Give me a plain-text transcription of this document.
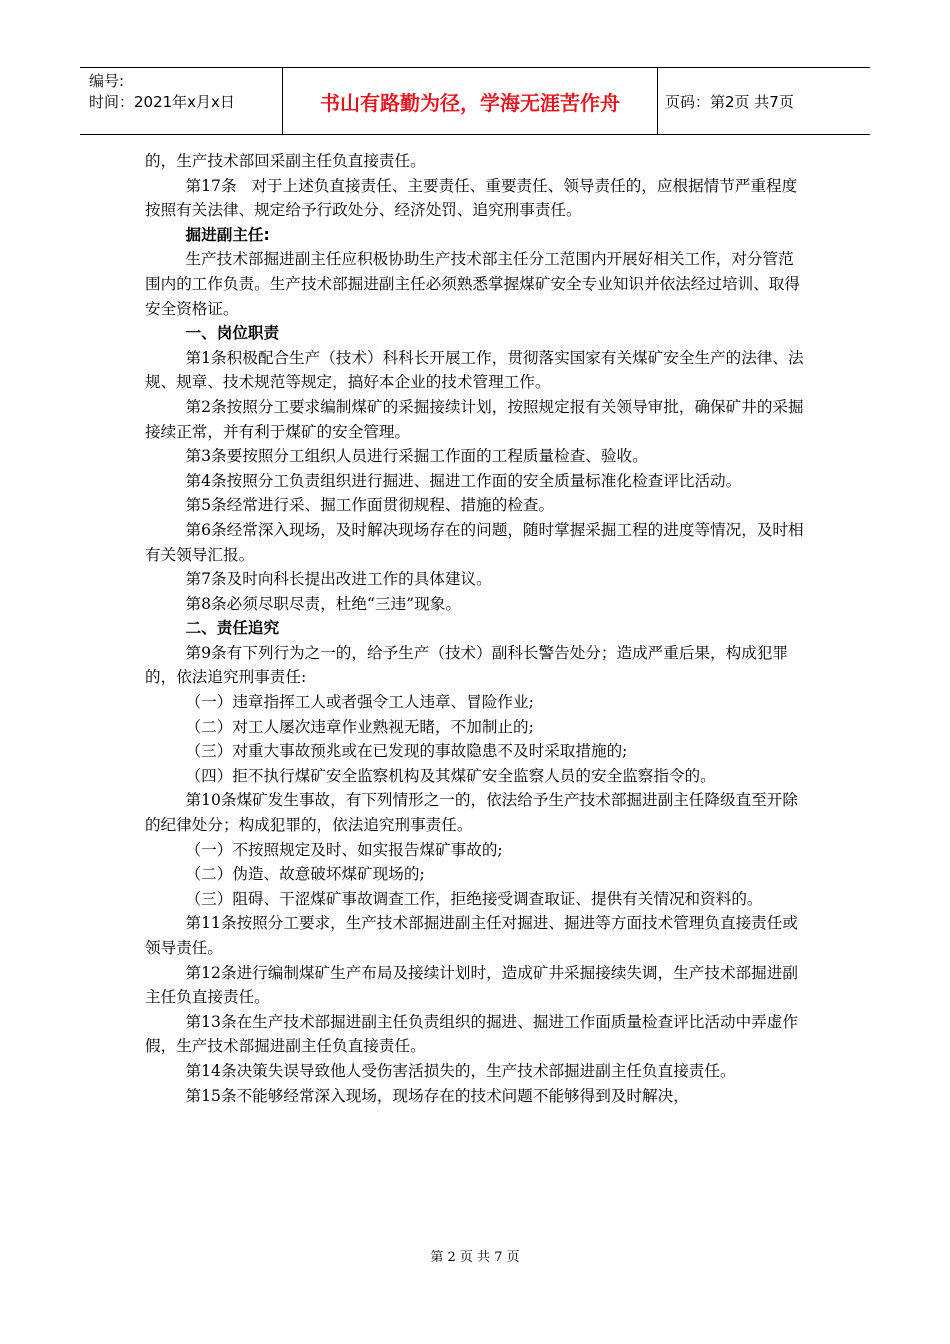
编号:
时间：2021年x月x日	书山有路勤为径，学海无涯苦作舟	页码：第2页 共7页

的，生产技术部回采副主任负直接责任。

第17条   对于上述负直接责任、主要责任、重要责任、领导责任的，应根据情节严重程度按照有关法律、规定给予行政处分、经济处罚、追究刑事责任。

掘进副主任:

生产技术部掘进副主任应积极协助生产技术部主任分工范围内开展好相关工作，对分管范围内的工作负责。生产技术部掘进副主任必须熟悉掌握煤矿安全专业知识并依法经过培训、取得安全资格证。

一、岗位职责

第1条积极配合生产（技术）科科长开展工作，贯彻落实国家有关煤矿安全生产的法律、法规、规章、技术规范等规定，搞好本企业的技术管理工作。

第2条按照分工要求编制煤矿的采掘接续计划，按照规定报有关领导审批，确保矿井的采掘接续正常，并有利于煤矿的安全管理。

第3条要按照分工组织人员进行采掘工作面的工程质量检查、验收。

第4条按照分工负责组织进行掘进、掘进工作面的安全质量标准化检查评比活动。

第5条经常进行采、掘工作面贯彻规程、措施的检查。

第6条经常深入现场，及时解决现场存在的问题，随时掌握采掘工程的进度等情况，及时相有关领导汇报。

第7条及时向科长提出改进工作的具体建议。

第8条必须尽职尽责，杜绝“三违”现象。

二、责任追究

第9条有下列行为之一的，给予生产（技术）副科长警告处分；造成严重后果，构成犯罪的，依法追究刑事责任:

（一）违章指挥工人或者强令工人违章、冒险作业;

（二）对工人屡次违章作业熟视无睹，不加制止的;

（三）对重大事故预兆或在已发现的事故隐患不及时采取措施的;

（四）拒不执行煤矿安全监察机构及其煤矿安全监察人员的安全监察指令的。

第10条煤矿发生事故，有下列情形之一的，依法给予生产技术部掘进副主任降级直至开除的纪律处分；构成犯罪的，依法追究刑事责任。

（一）不按照规定及时、如实报告煤矿事故的;

（二）伪造、故意破坏煤矿现场的;

（三）阻碍、干涩煤矿事故调查工作，拒绝接受调查取证、提供有关情况和资料的。

第11条按照分工要求，生产技术部掘进副主任对掘进、掘进等方面技术管理负直接责任或领导责任。

第12条进行编制煤矿生产布局及接续计划时，造成矿井采掘接续失调，生产技术部掘进副主任负直接责任。

第13条在生产技术部掘进副主任负责组织的掘进、掘进工作面质量检查评比活动中弄虚作假，生产技术部掘进副主任负直接责任。

第14条决策失误导致他人受伤害活损失的，生产技术部掘进副主任负直接责任。

第15条不能够经常深入现场，现场存在的技术问题不能够得到及时解决，

第 2 页 共 7 页
